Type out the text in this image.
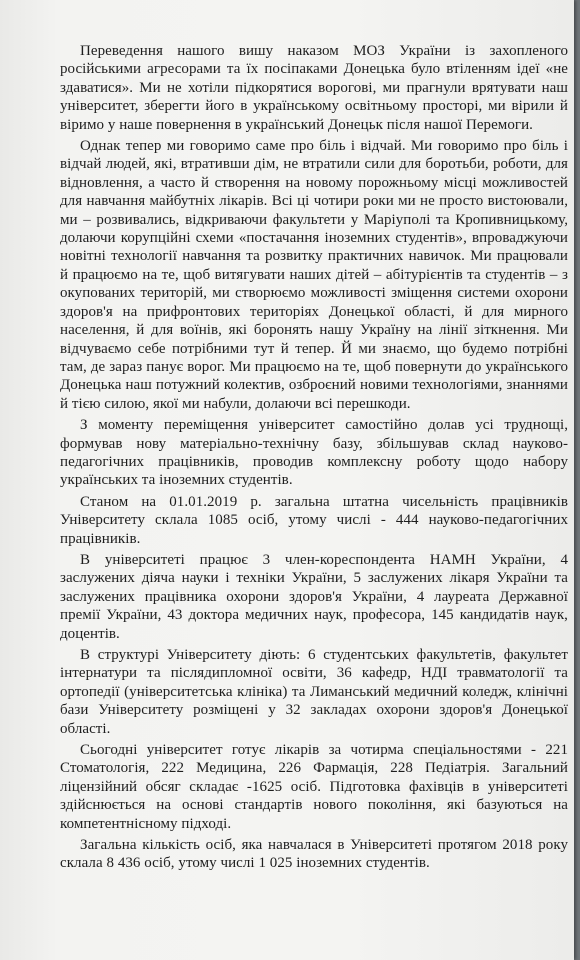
Переведення нашого вишу наказом МОЗ України із захопленого російськими агресорами та їх посіпаками Донецька було втіленням ідеї «не здаватися». Ми не хотіли підкорятися ворогові, ми прагнули врятувати наш університет, зберегти його в українському освітньому просторі, ми вірили й віримо у наше повернення в український Донецьк після нашої Перемоги.

Однак тепер ми говоримо саме про біль і відчай. Ми говоримо про біль і відчай людей, які, втративши дім, не втратили сили для боротьби, роботи, для відновлення, а часто й створення на новому порожньому місці можливостей для навчання майбутніх лікарів. Всі ці чотири роки ми не просто вистоювали, ми – розвивались, відкриваючи факультети у Маріуполі та Кропивницькому, долаючи корупційні схеми «постачання іноземних студентів», впроваджуючи новітні технології навчання та розвитку практичних навичок. Ми працювали й працюємо на те, щоб витягувати наших дітей – абітурієнтів та студентів – з окупованих територій, ми створюємо можливості зміщення системи охорони здоров'я на прифронтових територіях Донецької області, й для мирного населення, й для воїнів, які боронять нашу Україну на лінії зіткнення. Ми відчуваємо себе потрібними тут й тепер. Й ми знаємо, що будемо потрібні там, де зараз панує ворог. Ми працюємо на те, щоб повернути до українського Донецька наш потужний колектив, озброєний новими технологіями, знаннями й тією силою, якої ми набули, долаючи всі перешкоди.

З моменту переміщення університет самостійно долав усі труднощі, формував нову матеріально-технічну базу, збільшував склад науково-педагогічних працівників, проводив комплексну роботу щодо набору українських та іноземних студентів.

Станом на 01.01.2019 р. загальна штатна чисельність працівників Університету склала 1085 осіб, утому числі - 444 науково-педагогічних працівників.

В університеті працює 3 член-кореспондента НАМН України, 4 заслужених діяча науки і техніки України, 5 заслужених лікаря України та заслужених працівника охорони здоров'я України, 4 лауреата Державної премії України, 43 доктора медичних наук, професора, 145 кандидатів наук, доцентів.

В структурі Університету діють: 6 студентських факультетів, факультет інтернатури та післядипломної освіти, 36 кафедр, НДІ травматології та ортопедії (університетська клініка) та Лиманський медичний коледж, клінічні бази Університету розміщені у 32 закладах охорони здоров'я Донецької області.

Сьогодні університет готує лікарів за чотирма спеціальностями - 221 Стоматологія, 222 Медицина, 226 Фармація, 228 Педіатрія. Загальний ліцензійний обсяг складає -1625 осіб. Підготовка фахівців в університеті здійснюється на основі стандартів нового покоління, які базуються на компетентнісному підході.

Загальна кількість осіб, яка навчалася в Університеті протягом 2018 року склала 8 436 осіб, утому числі 1 025 іноземних студентів.
